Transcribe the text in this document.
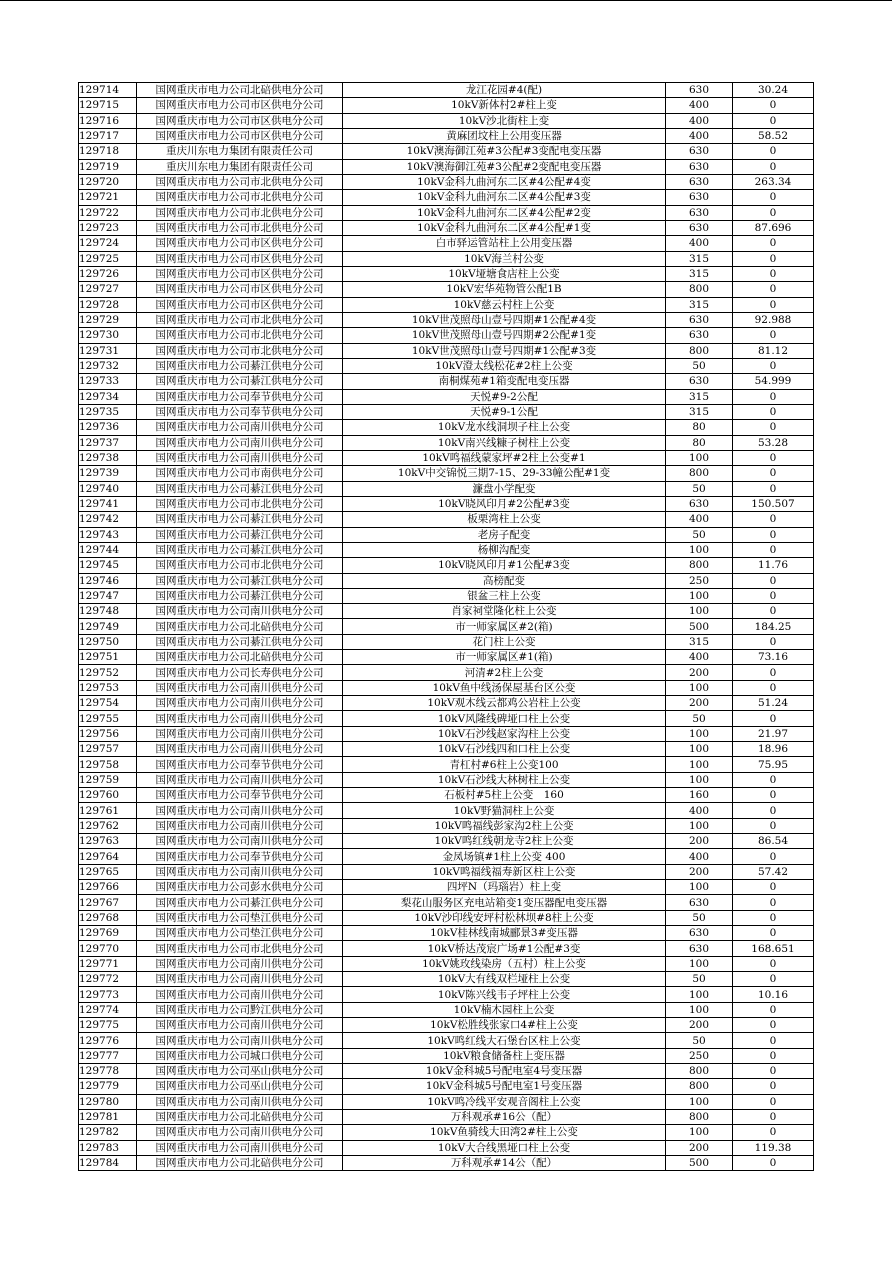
129714	国网重庆市电力公司北碚供电分公司	龙江花园#4(配)	630	30.24
129715	国网重庆市电力公司市区供电分公司	10kV新体村2#柱上变	400	0
129716	国网重庆市电力公司市区供电分公司	10kV沙北街柱上变	400	0
129717	国网重庆市电力公司市区供电分公司	黄麻团坟柱上公用变压器	400	58.52
129718	重庆川东电力集团有限责任公司	10kV澳海御江苑#3公配#3变配电变压器	630	0
129719	重庆川东电力集团有限责任公司	10kV澳海御江苑#3公配#2变配电变压器	630	0
129720	国网重庆市电力公司市北供电分公司	10kV金科九曲河东二区#4公配#4变	630	263.34
129721	国网重庆市电力公司市北供电分公司	10kV金科九曲河东二区#4公配#3变	630	0
129722	国网重庆市电力公司市北供电分公司	10kV金科九曲河东二区#4公配#2变	630	0
129723	国网重庆市电力公司市北供电分公司	10kV金科九曲河东二区#4公配#1变	630	87.696
129724	国网重庆市电力公司市区供电分公司	白市驿运管站柱上公用变压器	400	0
129725	国网重庆市电力公司市区供电分公司	10kV海兰村公变	315	0
129726	国网重庆市电力公司市区供电分公司	10kV垭塘食店柱上公变	315	0
129727	国网重庆市电力公司市区供电分公司	10kV宏华苑物管公配1B	800	0
129728	国网重庆市电力公司市区供电分公司	10kV慈云村柱上公变	315	0
129729	国网重庆市电力公司市北供电分公司	10kV世茂照母山壹号四期#1公配#4变	630	92.988
129730	国网重庆市电力公司市北供电分公司	10kV世茂照母山壹号四期#2公配#1变	630	0
129731	国网重庆市电力公司市北供电分公司	10kV世茂照母山壹号四期#1公配#3变	800	81.12
129732	国网重庆市电力公司綦江供电分公司	10kV澄太线松花#2柱上公变	50	0
129733	国网重庆市电力公司綦江供电分公司	南桐煤苑#1箱变配电变压器	630	54.999
129734	国网重庆市电力公司奉节供电分公司	天悦#9-2公配	315	0
129735	国网重庆市电力公司奉节供电分公司	天悦#9-1公配	315	0
129736	国网重庆市电力公司南川供电分公司	10kV龙水线洞坝子柱上公变	80	0
129737	国网重庆市电力公司南川供电分公司	10kV南兴线糠子树柱上公变	80	53.28
129738	国网重庆市电力公司南川供电分公司	10kV鸣福线蒙家坪#2柱上公变#1	100	0
129739	国网重庆市电力公司市南供电分公司	10kV中交锦悦三期7-15、29-33幢公配#1变	800	0
129740	国网重庆市电力公司綦江供电分公司	濂盘小学配变	50	0
129741	国网重庆市电力公司市北供电分公司	10kV晓风印月#2公配#3变	630	150.507
129742	国网重庆市电力公司綦江供电分公司	板栗湾柱上公变	400	0
129743	国网重庆市电力公司綦江供电分公司	老房子配变	50	0
129744	国网重庆市电力公司綦江供电分公司	杨柳沟配变	100	0
129745	国网重庆市电力公司市北供电分公司	10kV晓风印月#1公配#3变	800	11.76
129746	国网重庆市电力公司綦江供电分公司	高榜配变	250	0
129747	国网重庆市电力公司綦江供电分公司	银盆三柱上公变	100	0
129748	国网重庆市电力公司南川供电分公司	肖家祠堂隆化柱上公变	100	0
129749	国网重庆市电力公司北碚供电分公司	市一师家属区#2(箱)	500	184.25
129750	国网重庆市电力公司綦江供电分公司	花门柱上公变	315	0
129751	国网重庆市电力公司北碚供电分公司	市一师家属区#1(箱)	400	73.16
129752	国网重庆市电力公司长寿供电分公司	河清#2柱上公变	200	0
129753	国网重庆市电力公司南川供电分公司	10kV鱼中线汤保屋基台区公变	100	0
129754	国网重庆市电力公司南川供电分公司	10kV观木线云都鸡公岩柱上公变	200	51.24
129755	国网重庆市电力公司南川供电分公司	10kV风隆线碑垭口柱上公变	50	0
129756	国网重庆市电力公司南川供电分公司	10kV石沙线赵家沟柱上公变	100	21.97
129757	国网重庆市电力公司南川供电分公司	10kV石沙线四和口柱上公变	100	18.96
129758	国网重庆市电力公司奉节供电分公司	青杠村#6柱上公变100	100	75.95
129759	国网重庆市电力公司南川供电分公司	10kV石沙线大林树柱上公变	100	0
129760	国网重庆市电力公司奉节供电分公司	石板村#5柱上公变　160	160	0
129761	国网重庆市电力公司南川供电分公司	10kV野猫洞柱上公变	400	0
129762	国网重庆市电力公司南川供电分公司	10kV鸣福线彭家沟2柱上公变	100	0
129763	国网重庆市电力公司南川供电分公司	10kV鸣红线朝龙寺2柱上公变	200	86.54
129764	国网重庆市电力公司奉节供电分公司	金凤场镇#1柱上公变 400	400	0
129765	国网重庆市电力公司南川供电分公司	10kV鸣福线福寿新区柱上公变	200	57.42
129766	国网重庆市电力公司彭水供电分公司	四坪N（玛瑙岩）柱上变	100	0
129767	国网重庆市电力公司綦江供电分公司	梨花山服务区充电站箱变1变压器配电变压器	630	0
129768	国网重庆市电力公司垫江供电分公司	10kV沙印线安坪村松林坝#8柱上公变	50	0
129769	国网重庆市电力公司垫江供电分公司	10kV桂林线南城郦景3#变压器	630	0
129770	国网重庆市电力公司市北供电分公司	10kV桥达茂宸广场#1公配#3变	630	168.651
129771	国网重庆市电力公司南川供电分公司	10kV姚玫线染房（五村）柱上公变	100	0
129772	国网重庆市电力公司南川供电分公司	10kV大有线双栏垭柱上公变	50	0
129773	国网重庆市电力公司南川供电分公司	10kV陈兴线韦子坪柱上公变	100	10.16
129774	国网重庆市电力公司黔江供电分公司	10kV楠木园柱上公变	100	0
129775	国网重庆市电力公司南川供电分公司	10kV松胜线张家口4#柱上公变	200	0
129776	国网重庆市电力公司南川供电分公司	10kV鸣红线大石堡台区柱上公变	50	0
129777	国网重庆市电力公司城口供电分公司	10kV粮食储备柱上变压器	250	0
129778	国网重庆市电力公司巫山供电分公司	10kV金科城5号配电室4号变压器	800	0
129779	国网重庆市电力公司巫山供电分公司	10kV金科城5号配电室1号变压器	800	0
129780	国网重庆市电力公司南川供电分公司	10kV鸣冷线平安观音阁柱上公变	100	0
129781	国网重庆市电力公司北碚供电分公司	万科观承#16公（配）	800	0
129782	国网重庆市电力公司南川供电分公司	10kV鱼骑线大田湾2#柱上公变	100	0
129783	国网重庆市电力公司南川供电分公司	10kV大合线黑垭口柱上公变	200	119.38
129784	国网重庆市电力公司北碚供电分公司	万科观承#14公（配）	500	0
